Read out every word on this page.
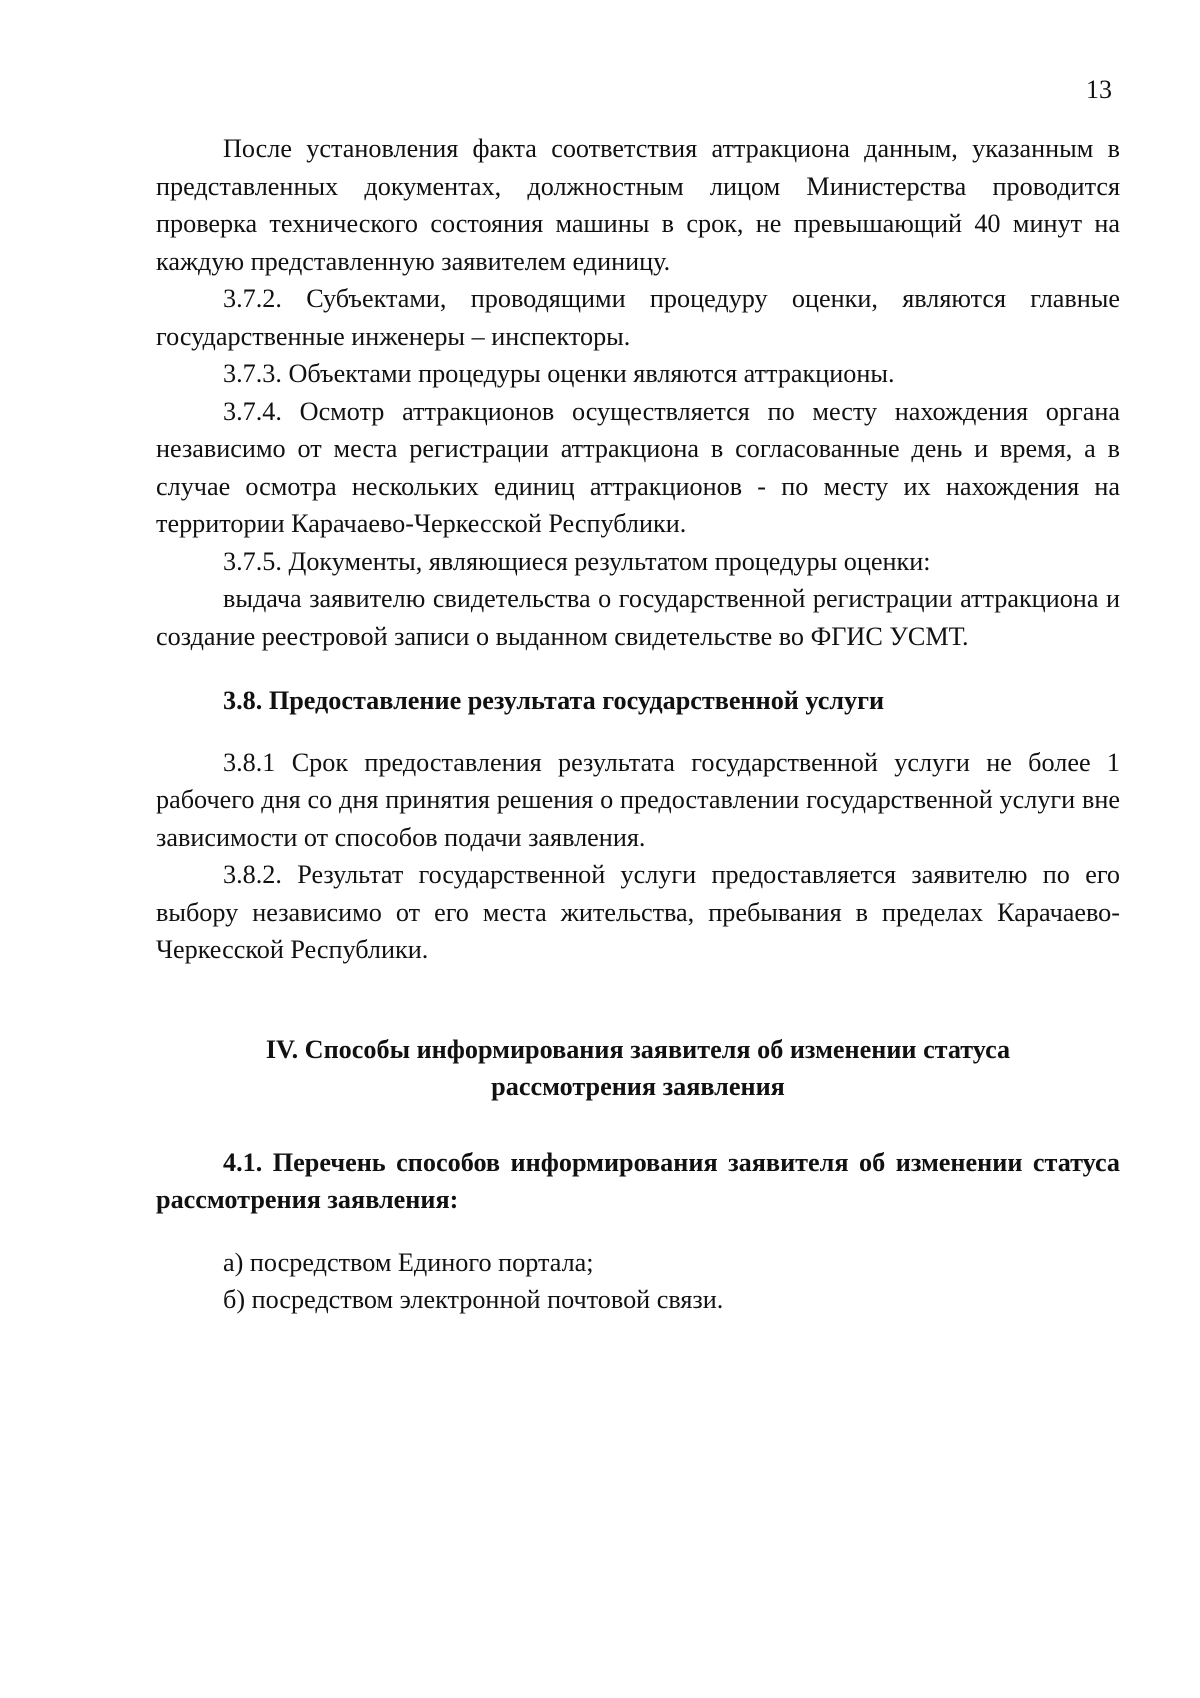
13

После установления факта соответствия аттракциона данным, указанным в представленных документах, должностным лицом Министерства проводится проверка технического состояния машины в срок, не превышающий 40 минут на каждую представленную заявителем единицу.

3.7.2. Субъектами, проводящими процедуру оценки, являются главные государственные инженеры – инспекторы.

3.7.3. Объектами процедуры оценки являются аттракционы.

3.7.4. Осмотр аттракционов осуществляется по месту нахождения органа независимо от места регистрации аттракциона в согласованные день и время, а в случае осмотра нескольких единиц аттракционов - по месту их нахождения на территории Карачаево-Черкесской Республики.

3.7.5. Документы, являющиеся результатом процедуры оценки:

выдача заявителю свидетельства о государственной регистрации аттракциона и создание реестровой записи о выданном свидетельстве во ФГИС УСМТ.

3.8. Предоставление результата государственной услуги

3.8.1 Срок предоставления результата государственной услуги не более 1 рабочего дня со дня принятия решения о предоставлении государственной услуги вне зависимости от способов подачи заявления.

3.8.2. Результат государственной услуги предоставляется заявителю по его выбору независимо от его места жительства, пребывания в пределах Карачаево-Черкесской Республики.

IV. Способы информирования заявителя об изменении статуса
рассмотрения заявления
4.1. Перечень способов информирования заявителя об изменении статуса рассмотрения заявления:

а) посредством Единого портала;

б) посредством электронной почтовой связи.
